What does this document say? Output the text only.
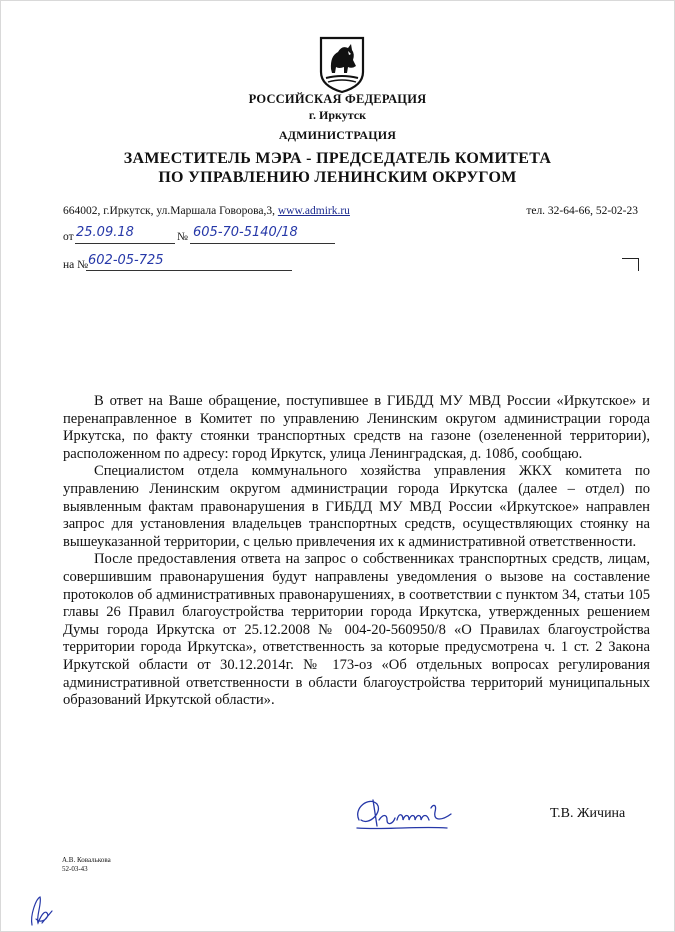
РОССИЙСКАЯ ФЕДЕРАЦИЯ
г. Иркутск
АДМИНИСТРАЦИЯ
ЗАМЕСТИТЕЛЬ МЭРА - ПРЕДСЕДАТЕЛЬ КОМИТЕТА
ПО УПРАВЛЕНИЮ ЛЕНИНСКИМ ОКРУГОМ
664002, г.Иркутск, ул.Маршала Говорова,3, www.admirk.ru	тел. 32-64-66, 52-02-23
от 25.09.18	№ 605-70-5140/18
на № 602-05-725

В ответ на Ваше обращение, поступившее в ГИБДД МУ МВД России «Иркутское» и перенаправленное в Комитет по управлению Ленинским округом администрации города Иркутска, по факту стоянки транспортных средств на газоне (озелененной территории), расположенном по адресу: город Иркутск, улица Ленинградская, д. 108б, сообщаю.

Специалистом отдела коммунального хозяйства управления ЖКХ комитета по управлению Ленинским округом администрации города Иркутска (далее – отдел) по выявленным фактам правонарушения в ГИБДД МУ МВД России «Иркутское» направлен запрос для установления владельцев транспортных средств, осуществляющих стоянку на вышеуказанной территории, с целью привлечения их к административной ответственности.

После предоставления ответа на запрос о собственниках транспортных средств, лицам, совершившим правонарушения будут направлены уведомления о вызове на составление протоколов об административных правонарушениях, в соответствии с пунктом 34, статьи 105 главы 26 Правил благоустройства территории города Иркутска, утвержденных решением Думы города Иркутска от 25.12.2008 № 004-20-560950/8 «О Правилах благоустройства территории города Иркутска», ответственность за которые предусмотрена ч. 1 ст. 2 Закона Иркутской области от 30.12.2014г. № 173-оз «Об отдельных вопросах регулирования административной ответственности в области благоустройства территорий муниципальных образований Иркутской области».

Т.В. Жичина
А.В. Ковалькова
52-03-43
